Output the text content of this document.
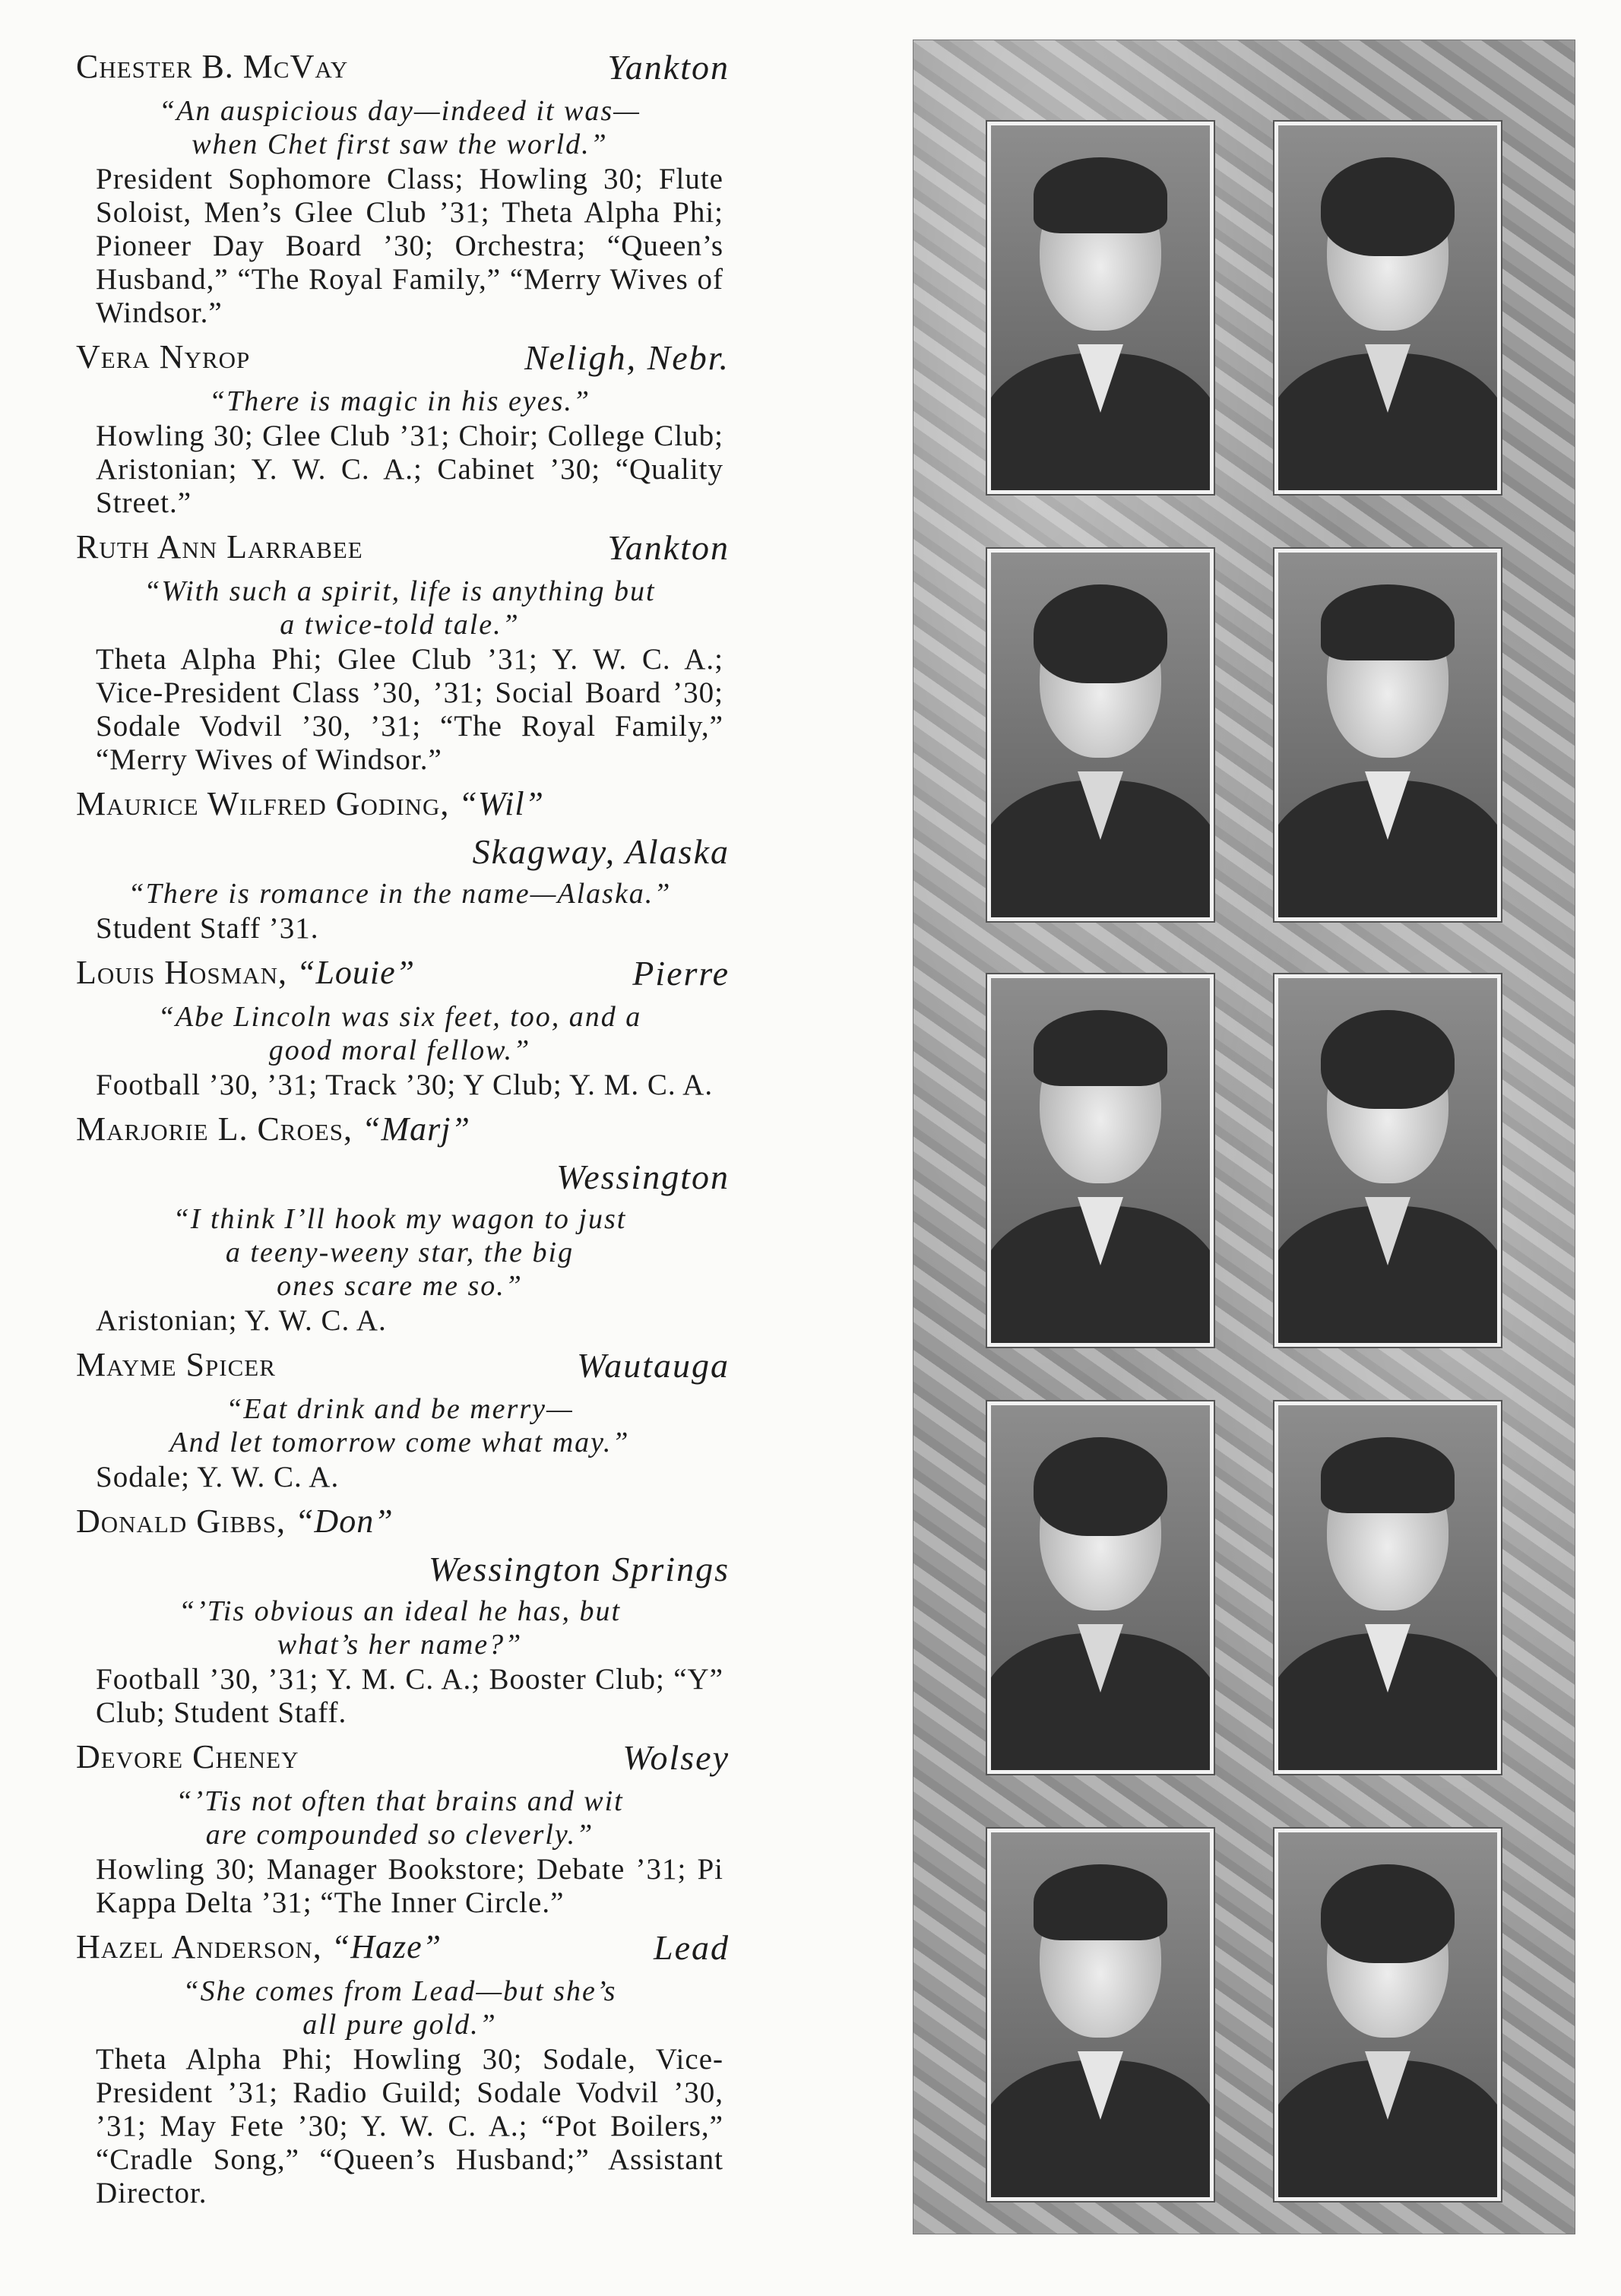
Chester B. McVay	Yankton
“An auspicious day—indeed it was—
when Chet first saw the world.”
President Sophomore Class; Howling 30; Flute Soloist, Men’s Glee Club ’31; Theta Alpha Phi; Pioneer Day Board ’30; Orchestra; “Queen’s Husband,” “The Royal Family,” “Merry Wives of Windsor.”
Vera Nyrop	Neligh, Nebr.
“There is magic in his eyes.”
Howling 30; Glee Club ’31; Choir; College Club; Aristonian; Y. W. C. A.; Cabinet ’30; “Quality Street.”
Ruth Ann Larrabee	Yankton
“With such a spirit, life is anything but
a twice-told tale.”
Theta Alpha Phi; Glee Club ’31; Y. W. C. A.; Vice-President Class ’30, ’31; Social Board ’30; Sodale Vodvil ’30, ’31; “The Royal Family,” “Merry Wives of Windsor.”
Maurice Wilfred Goding, “Wil”
Skagway, Alaska
“There is romance in the name—Alaska.”
Student Staff ’31.
Louis Hosman, “Louie”	Pierre
“Abe Lincoln was six feet, too, and a
good moral fellow.”
Football ’30, ’31; Track ’30; Y Club; Y. M. C. A.
Marjorie L. Croes, “Marj”
Wessington
“I think I’ll hook my wagon to just
a teeny-weeny star, the big
ones scare me so.”
Aristonian; Y. W. C. A.
Mayme Spicer	Wautauga
“Eat drink and be merry—
And let tomorrow come what may.”
Sodale; Y. W. C. A.
Donald Gibbs, “Don”
Wessington Springs
“’Tis obvious an ideal he has, but
what’s her name?”
Football ’30, ’31; Y. M. C. A.; Booster Club; “Y” Club; Student Staff.
Devore Cheney	Wolsey
“’Tis not often that brains and wit
are compounded so cleverly.”
Howling 30; Manager Bookstore; Debate ’31; Pi Kappa Delta ’31; “The Inner Circle.”
Hazel Anderson, “Haze”	Lead
“She comes from Lead—but she’s
all pure gold.”
Theta Alpha Phi; Howling 30; Sodale, Vice-President ’31; Radio Guild; Sodale Vodvil ’30, ’31; May Fete ’30; Y. W. C. A.; “Pot Boilers,” “Cradle Song,” “Queen’s Husband;” Assistant Director.
